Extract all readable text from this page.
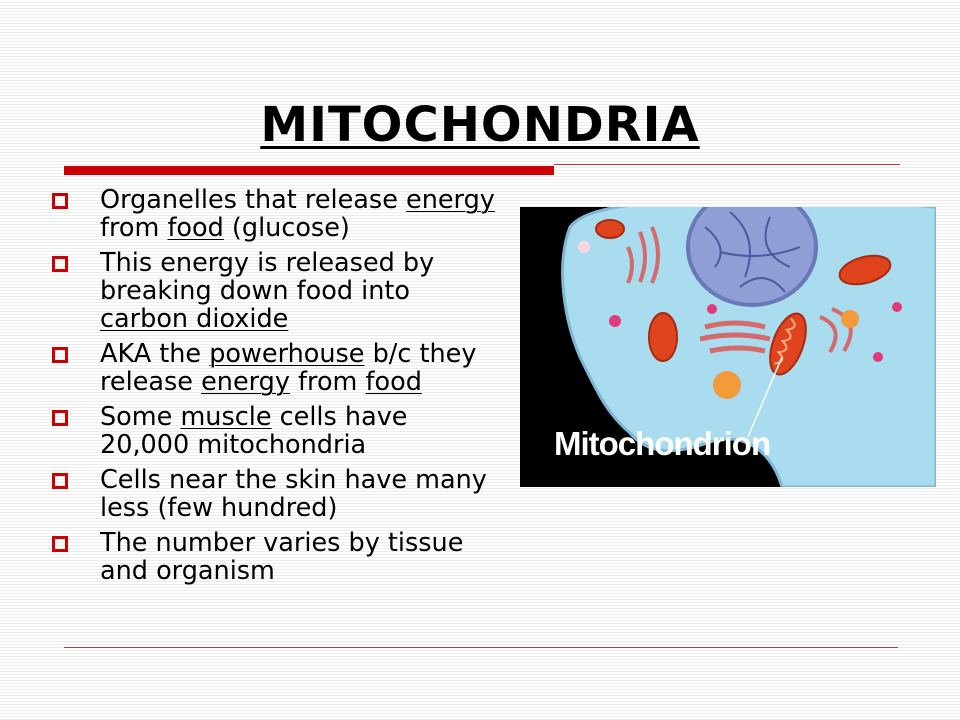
MITOCHONDRIA
Organelles that release energy from food (glucose)
This energy is released by breaking down food into carbon dioxide
AKA the powerhouse b/c they release energy from food
Some muscle cells have 20,000 mitochondria
Cells near the skin have many less (few hundred)
The number varies by tissue and organism
Mitochondrion
